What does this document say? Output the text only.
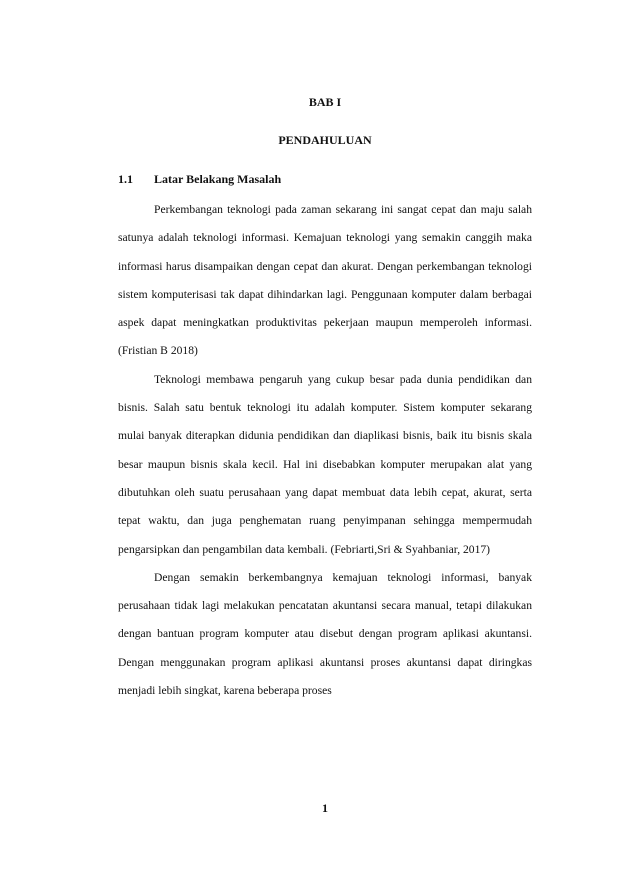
BAB I
PENDAHULUAN
1.1	Latar Belakang Masalah

Perkembangan teknologi pada zaman sekarang ini sangat cepat dan maju salah satunya adalah teknologi informasi. Kemajuan teknologi yang semakin canggih maka informasi harus disampaikan dengan cepat dan akurat. Dengan perkembangan teknologi sistem komputerisasi tak dapat dihindarkan lagi. Penggunaan komputer dalam berbagai aspek dapat meningkatkan produktivitas pekerjaan maupun memperoleh informasi. (Fristian B 2018)

Teknologi membawa pengaruh yang cukup besar pada dunia pendidikan dan bisnis. Salah satu bentuk teknologi itu adalah komputer. Sistem komputer sekarang mulai banyak diterapkan didunia pendidikan dan diaplikasi bisnis, baik itu bisnis skala besar maupun bisnis skala kecil. Hal ini disebabkan komputer merupakan alat yang dibutuhkan oleh suatu perusahaan yang dapat membuat data lebih cepat, akurat, serta tepat waktu, dan juga penghematan ruang penyimpanan sehingga mempermudah pengarsipkan dan pengambilan data kembali. (Febriarti,Sri & Syahbaniar, 2017)

Dengan semakin berkembangnya kemajuan teknologi informasi, banyak perusahaan tidak lagi melakukan pencatatan akuntansi secara manual, tetapi dilakukan dengan bantuan program komputer atau disebut dengan program aplikasi akuntansi. Dengan menggunakan program aplikasi akuntansi proses akuntansi dapat diringkas menjadi lebih singkat, karena beberapa proses

1
